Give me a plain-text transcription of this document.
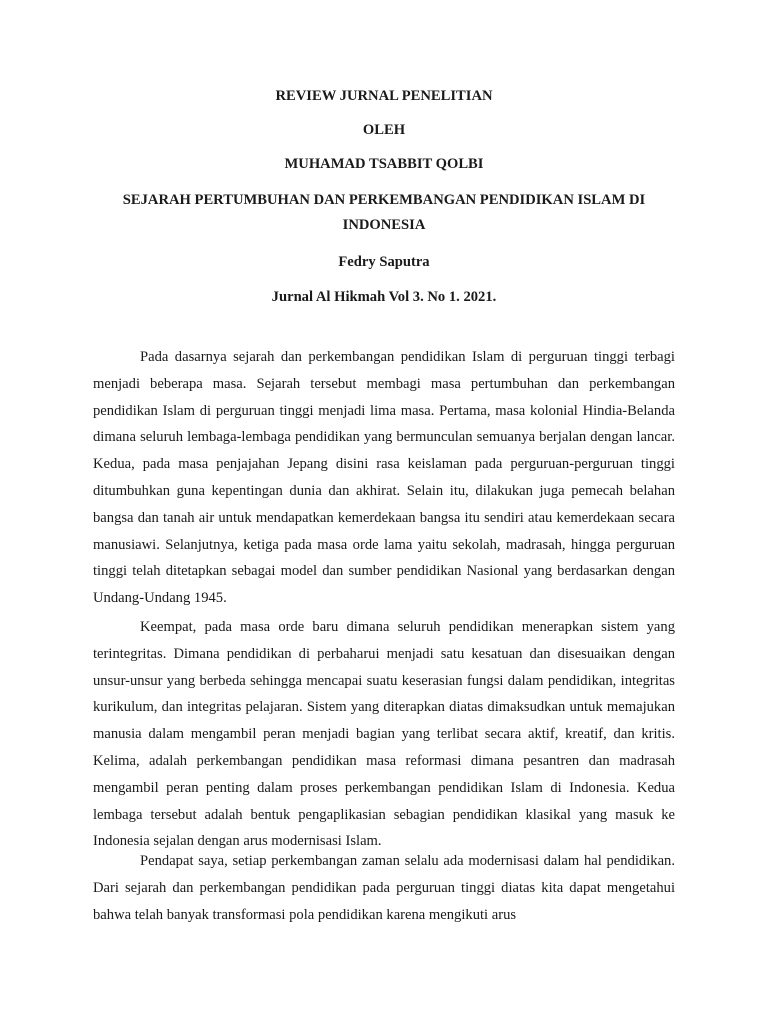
REVIEW JURNAL PENELITIAN

OLEH

MUHAMAD TSABBIT QOLBI

SEJARAH PERTUMBUHAN DAN PERKEMBANGAN PENDIDIKAN ISLAM DI INDONESIA

Fedry Saputra

Jurnal Al Hikmah Vol 3. No 1. 2021.

Pada dasarnya sejarah dan perkembangan pendidikan Islam di perguruan tinggi terbagi menjadi beberapa masa. Sejarah tersebut membagi masa pertumbuhan dan perkembangan pendidikan Islam di perguruan tinggi menjadi lima masa. Pertama, masa kolonial Hindia-Belanda dimana seluruh lembaga-lembaga pendidikan yang bermunculan semuanya berjalan dengan lancar. Kedua, pada masa penjajahan Jepang disini rasa keislaman pada perguruan-perguruan tinggi ditumbuhkan guna kepentingan dunia dan akhirat. Selain itu, dilakukan juga pemecah belahan bangsa dan tanah air untuk mendapatkan kemerdekaan bangsa itu sendiri atau kemerdekaan secara manusiawi. Selanjutnya, ketiga pada masa orde lama yaitu sekolah, madrasah, hingga perguruan tinggi telah ditetapkan sebagai model dan sumber pendidikan Nasional yang berdasarkan dengan Undang-Undang 1945.

Keempat, pada masa orde baru dimana seluruh pendidikan menerapkan sistem yang terintegritas. Dimana pendidikan di perbaharui menjadi satu kesatuan dan disesuaikan dengan unsur-unsur yang berbeda sehingga mencapai suatu keserasian fungsi dalam pendidikan, integritas kurikulum, dan integritas pelajaran. Sistem yang diterapkan diatas dimaksudkan untuk memajukan manusia dalam mengambil peran menjadi bagian yang terlibat secara aktif, kreatif, dan kritis. Kelima, adalah perkembangan pendidikan masa reformasi dimana pesantren dan madrasah mengambil peran penting dalam proses perkembangan pendidikan Islam di Indonesia. Kedua lembaga tersebut adalah bentuk pengaplikasian sebagian pendidikan klasikal yang masuk ke Indonesia sejalan dengan arus modernisasi Islam.

Pendapat saya, setiap perkembangan zaman selalu ada modernisasi dalam hal pendidikan. Dari sejarah dan perkembangan pendidikan pada perguruan tinggi diatas kita dapat mengetahui bahwa telah banyak transformasi pola pendidikan karena mengikuti arus
